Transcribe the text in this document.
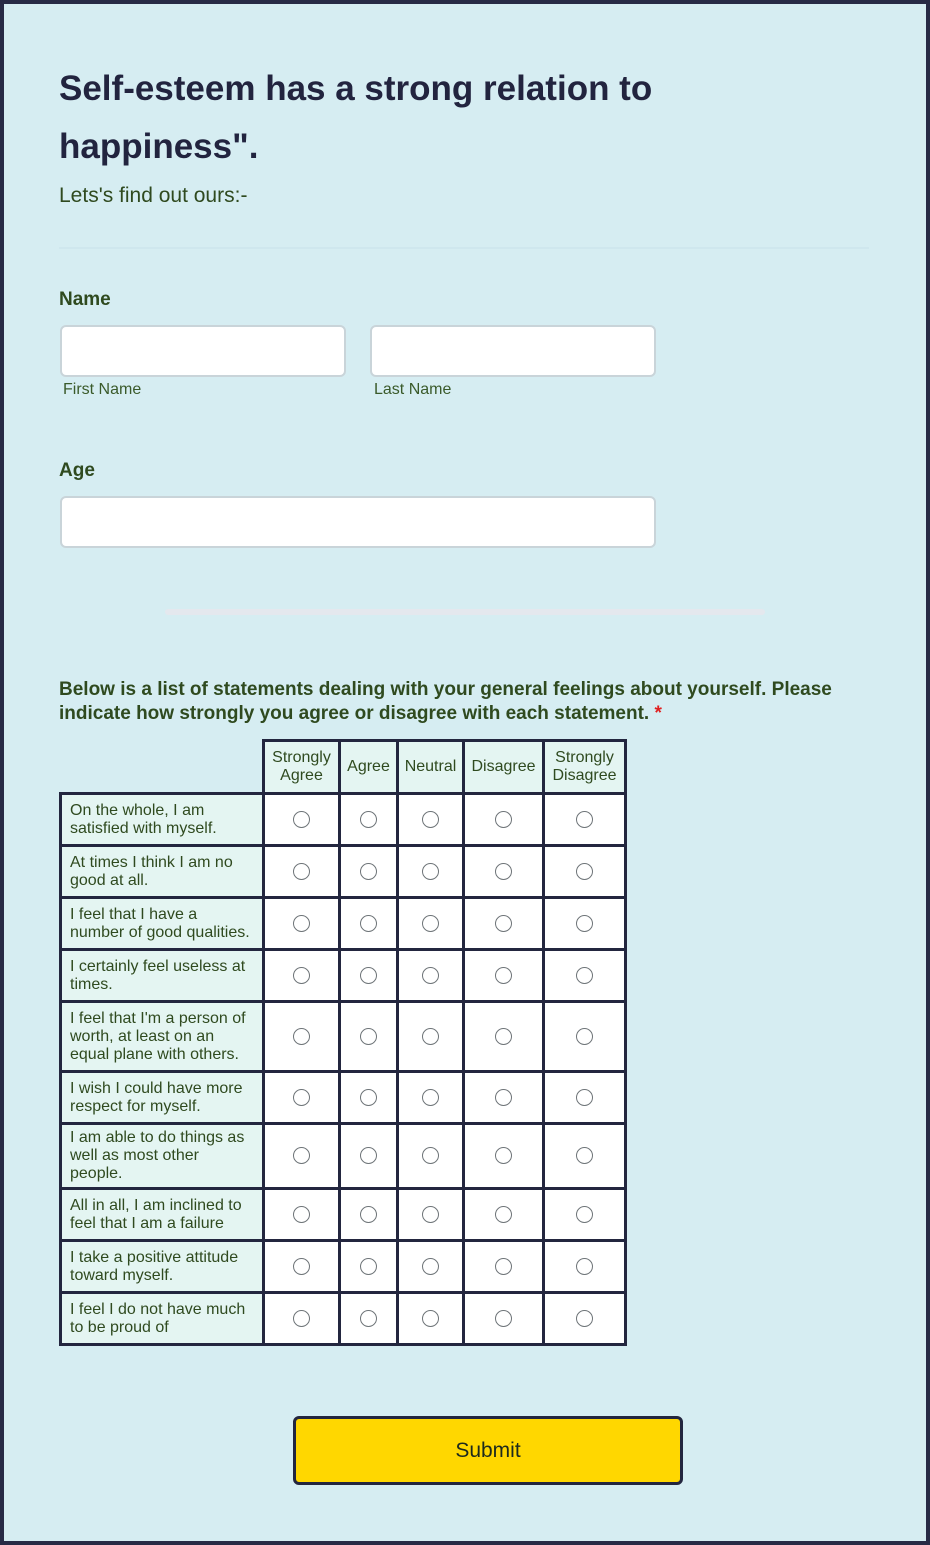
Self-esteem has a strong relation to happiness".

Lets's find out ours:-

Name
First Name	Last Name
Age

Below is a list of statements dealing with your general feelings about yourself. Please indicate how strongly you agree or disagree with each statement. *

	Strongly Agree	Agree	Neutral	Disagree	Strongly Disagree
On the whole, I am satisfied with myself.					
At times I think I am no good at all.					
I feel that I have a number of good qualities.					
I certainly feel useless at times.					
I feel that I'm a person of worth, at least on an equal plane with others.					
I wish I could have more respect for myself.					
I am able to do things as well as most other people.					
All in all, I am inclined to feel that I am a failure					
I take a positive attitude toward myself.					
I feel I do not have much to be proud of					
Submit
